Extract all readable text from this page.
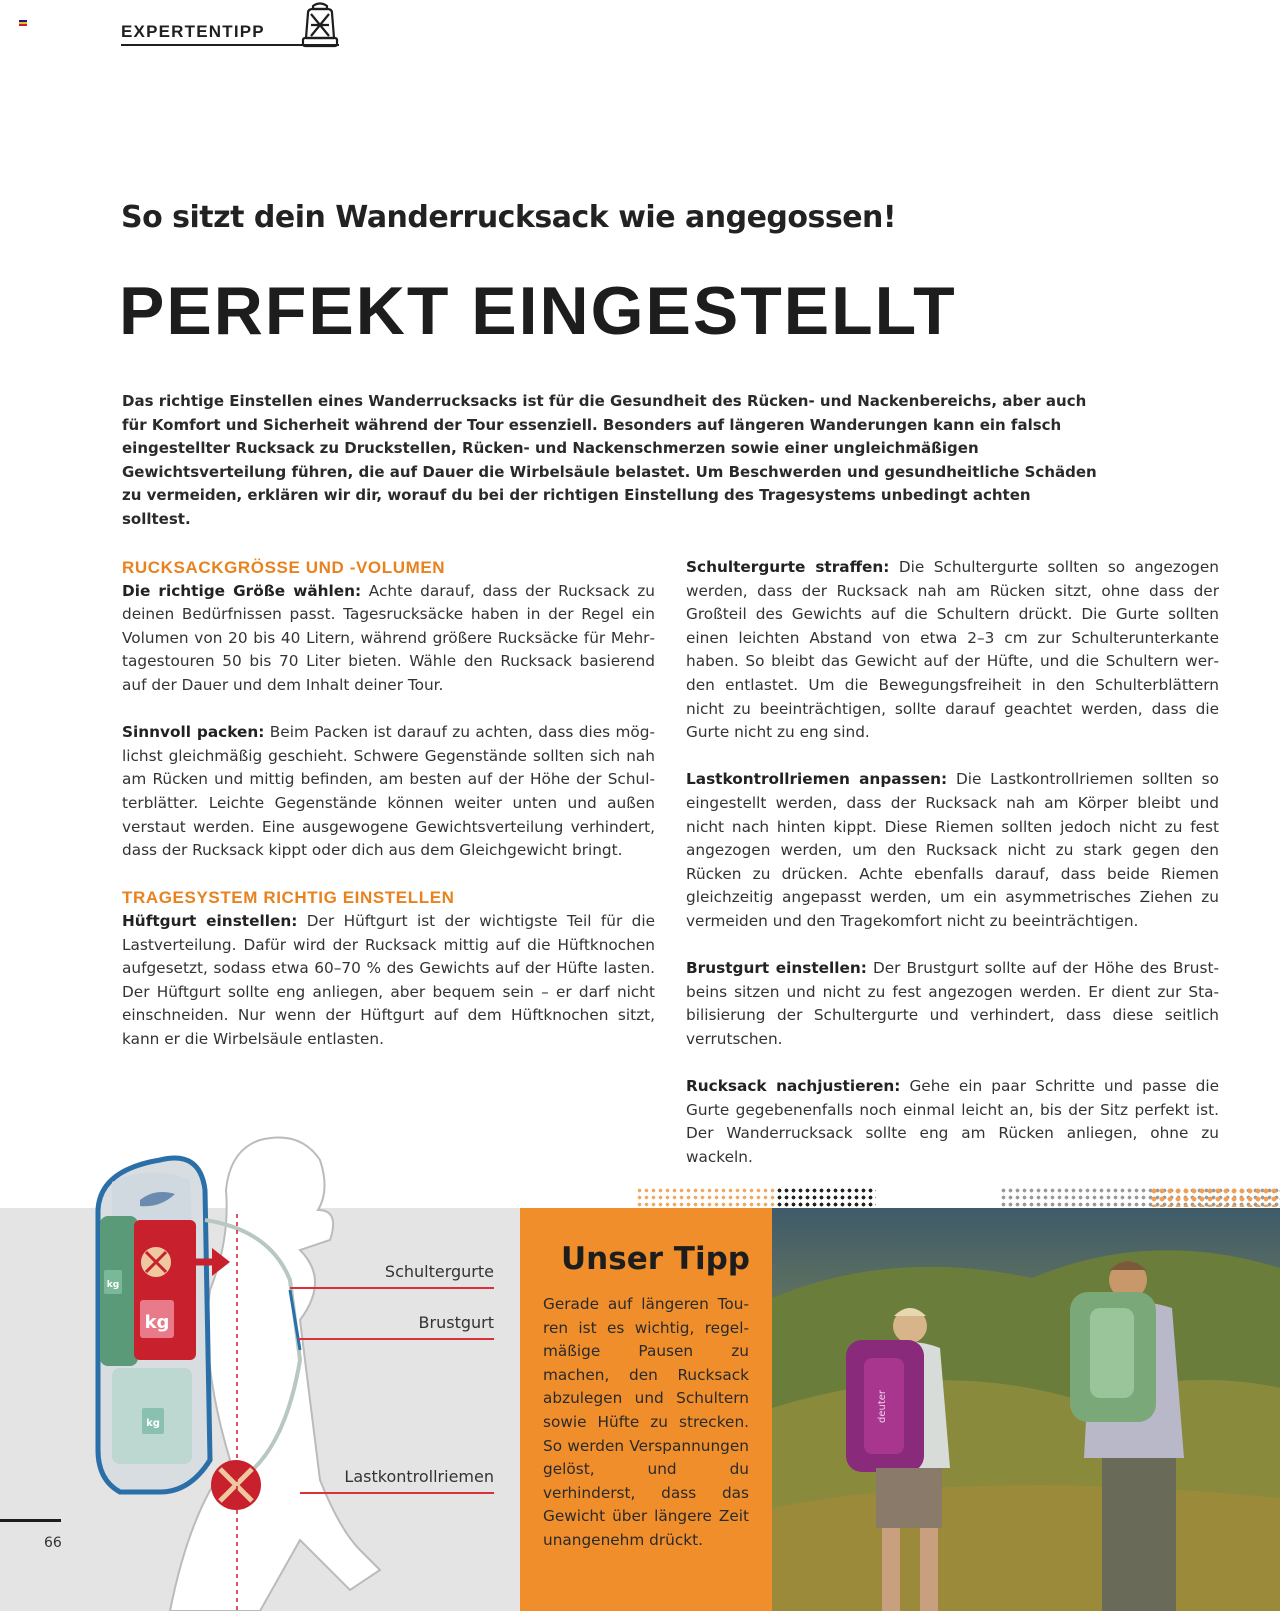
EXPERTENTIPP
So sitzt dein Wanderrucksack wie angegossen!
PERFEKT EINGESTELLT

Das richtige Einstellen eines Wanderrucksacks ist für die Gesundheit des Rücken- und Nackenbereichs, aber auch für Komfort und Sicherheit während der Tour essenziell. Besonders auf längeren Wanderungen kann ein falsch eingestellter Rucksack zu Druckstellen, Rücken- und Nackenschmerzen sowie einer ungleichmäßigen Gewichtsverteilung führen, die auf Dauer die Wirbelsäule belastet. Um Beschwerden und gesundheitliche Schäden zu vermeiden, erklären wir dir, worauf du bei der richtigen Einstellung des Tragesystems unbedingt achten solltest.

RUCKSACKGRÖSSE UND -VOLUMEN

Die richtige Größe wählen: Achte darauf, dass der Rucksack zu deinen Bedürfnissen passt. Tagesrucksäcke haben in der Regel ein Volumen von 20 bis 40 Litern, während größere Rucksäcke für Mehrtagestouren 50 bis 70 Liter bieten. Wähle den Rucksack basierend auf der Dauer und dem Inhalt deiner Tour.

Sinnvoll packen: Beim Packen ist darauf zu achten, dass dies möglichst gleichmäßig geschieht. Schwere Gegenstände sollten sich nah am Rücken und mittig befinden, am besten auf der Höhe der Schulterblätter. Leichte Gegenstände können weiter unten und außen verstaut werden. Eine ausgewogene Gewichtsverteilung verhindert, dass der Rucksack kippt oder dich aus dem Gleichgewicht bringt.

TRAGESYSTEM RICHTIG EINSTELLEN

Hüftgurt einstellen: Der Hüftgurt ist der wichtigste Teil für die Lastverteilung. Dafür wird der Rucksack mittig auf die Hüftknochen aufgesetzt, sodass etwa 60–70 % des Gewichts auf der Hüfte lasten. Der Hüftgurt sollte eng anliegen, aber bequem sein – er darf nicht einschneiden. Nur wenn der Hüftgurt auf dem Hüftknochen sitzt, kann er die Wirbelsäule entlasten.

Schultergurte straffen: Die Schultergurte sollten so angezogen werden, dass der Rucksack nah am Rücken sitzt, ohne dass der Großteil des Gewichts auf die Schultern drückt. Die Gurte sollten einen leichten Abstand von etwa 2–3 cm zur Schulterunterkante haben. So bleibt das Gewicht auf der Hüfte, und die Schultern werden entlastet. Um die Bewegungsfreiheit in den Schulterblättern nicht zu beeinträchtigen, sollte darauf geachtet werden, dass die Gurte nicht zu eng sind.

Lastkontrollriemen anpassen: Die Lastkontrollriemen sollten so eingestellt werden, dass der Rucksack nah am Körper bleibt und nicht nach hinten kippt. Diese Riemen sollten jedoch nicht zu fest angezogen werden, um den Rucksack nicht zu stark gegen den Rücken zu drücken. Achte ebenfalls darauf, dass beide Riemen gleichzeitig angepasst werden, um ein asymmetrisches Ziehen zu vermeiden und den Tragekomfort nicht zu beeinträchtigen.

Brustgurt einstellen: Der Brustgurt sollte auf der Höhe des Brustbeins sitzen und nicht zu fest angezogen werden. Er dient zur Stabilisierung der Schultergurte und verhindert, dass diese seitlich verrutschen.

Rucksack nachjustieren: Gehe ein paar Schritte und passe die Gurte gegebenenfalls noch einmal leicht an, bis der Sitz perfekt ist. Der Wanderrucksack sollte eng am Rücken anliegen, ohne zu wackeln.

deuter
Unser Tipp

Gerade auf längeren Touren ist es wichtig, regelmäßige Pausen zu machen, den Rucksack abzulegen und Schultern sowie Hüfte zu strecken. So werden Verspannungen gelöst, und du verhinderst, dass das Gewicht über längere Zeit unangenehm drückt.

kg
kg
kg
Schultergurte
Brustgurt
Lastkontrollriemen
66
